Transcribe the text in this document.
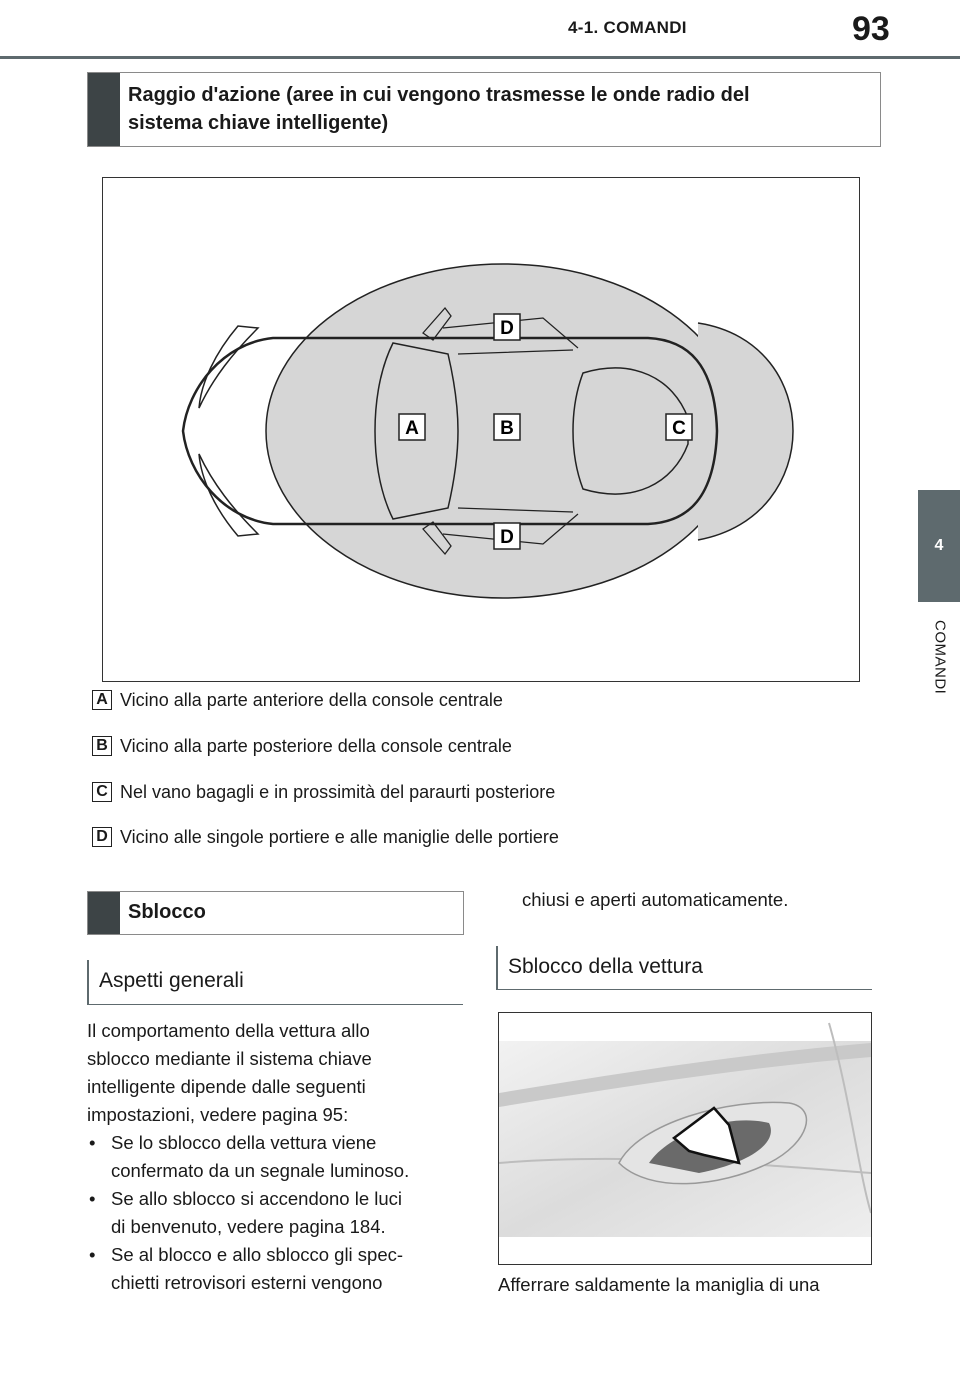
4-1. COMANDI	93
4
COMANDI
Raggio d'azione (aree in cui vengono trasmesse le onde radio del
sistema chiave intelligente)
D
A	B	C
D
A Vicino alla parte anteriore della console centrale
B Vicino alla parte posteriore della console centrale
C Nel vano bagagli e in prossimità del paraurti posteriore
D Vicino alle singole portiere e alle maniglie delle portiere
Sblocco
Aspetti generali
Il comportamento della vettura allo
sblocco mediante il sistema chiave
intelligente dipende dalle seguenti
impostazioni, vedere pagina 95:
• Se lo sblocco della vettura viene
confermato da un segnale luminoso.
• Se allo sblocco si accendono le luci
di benvenuto, vedere pagina 184.
• Se al blocco e allo sblocco gli spec-
chietti retrovisori esterni vengono
chiusi e aperti automaticamente.
Sblocco della vettura
Afferrare saldamente la maniglia di una
